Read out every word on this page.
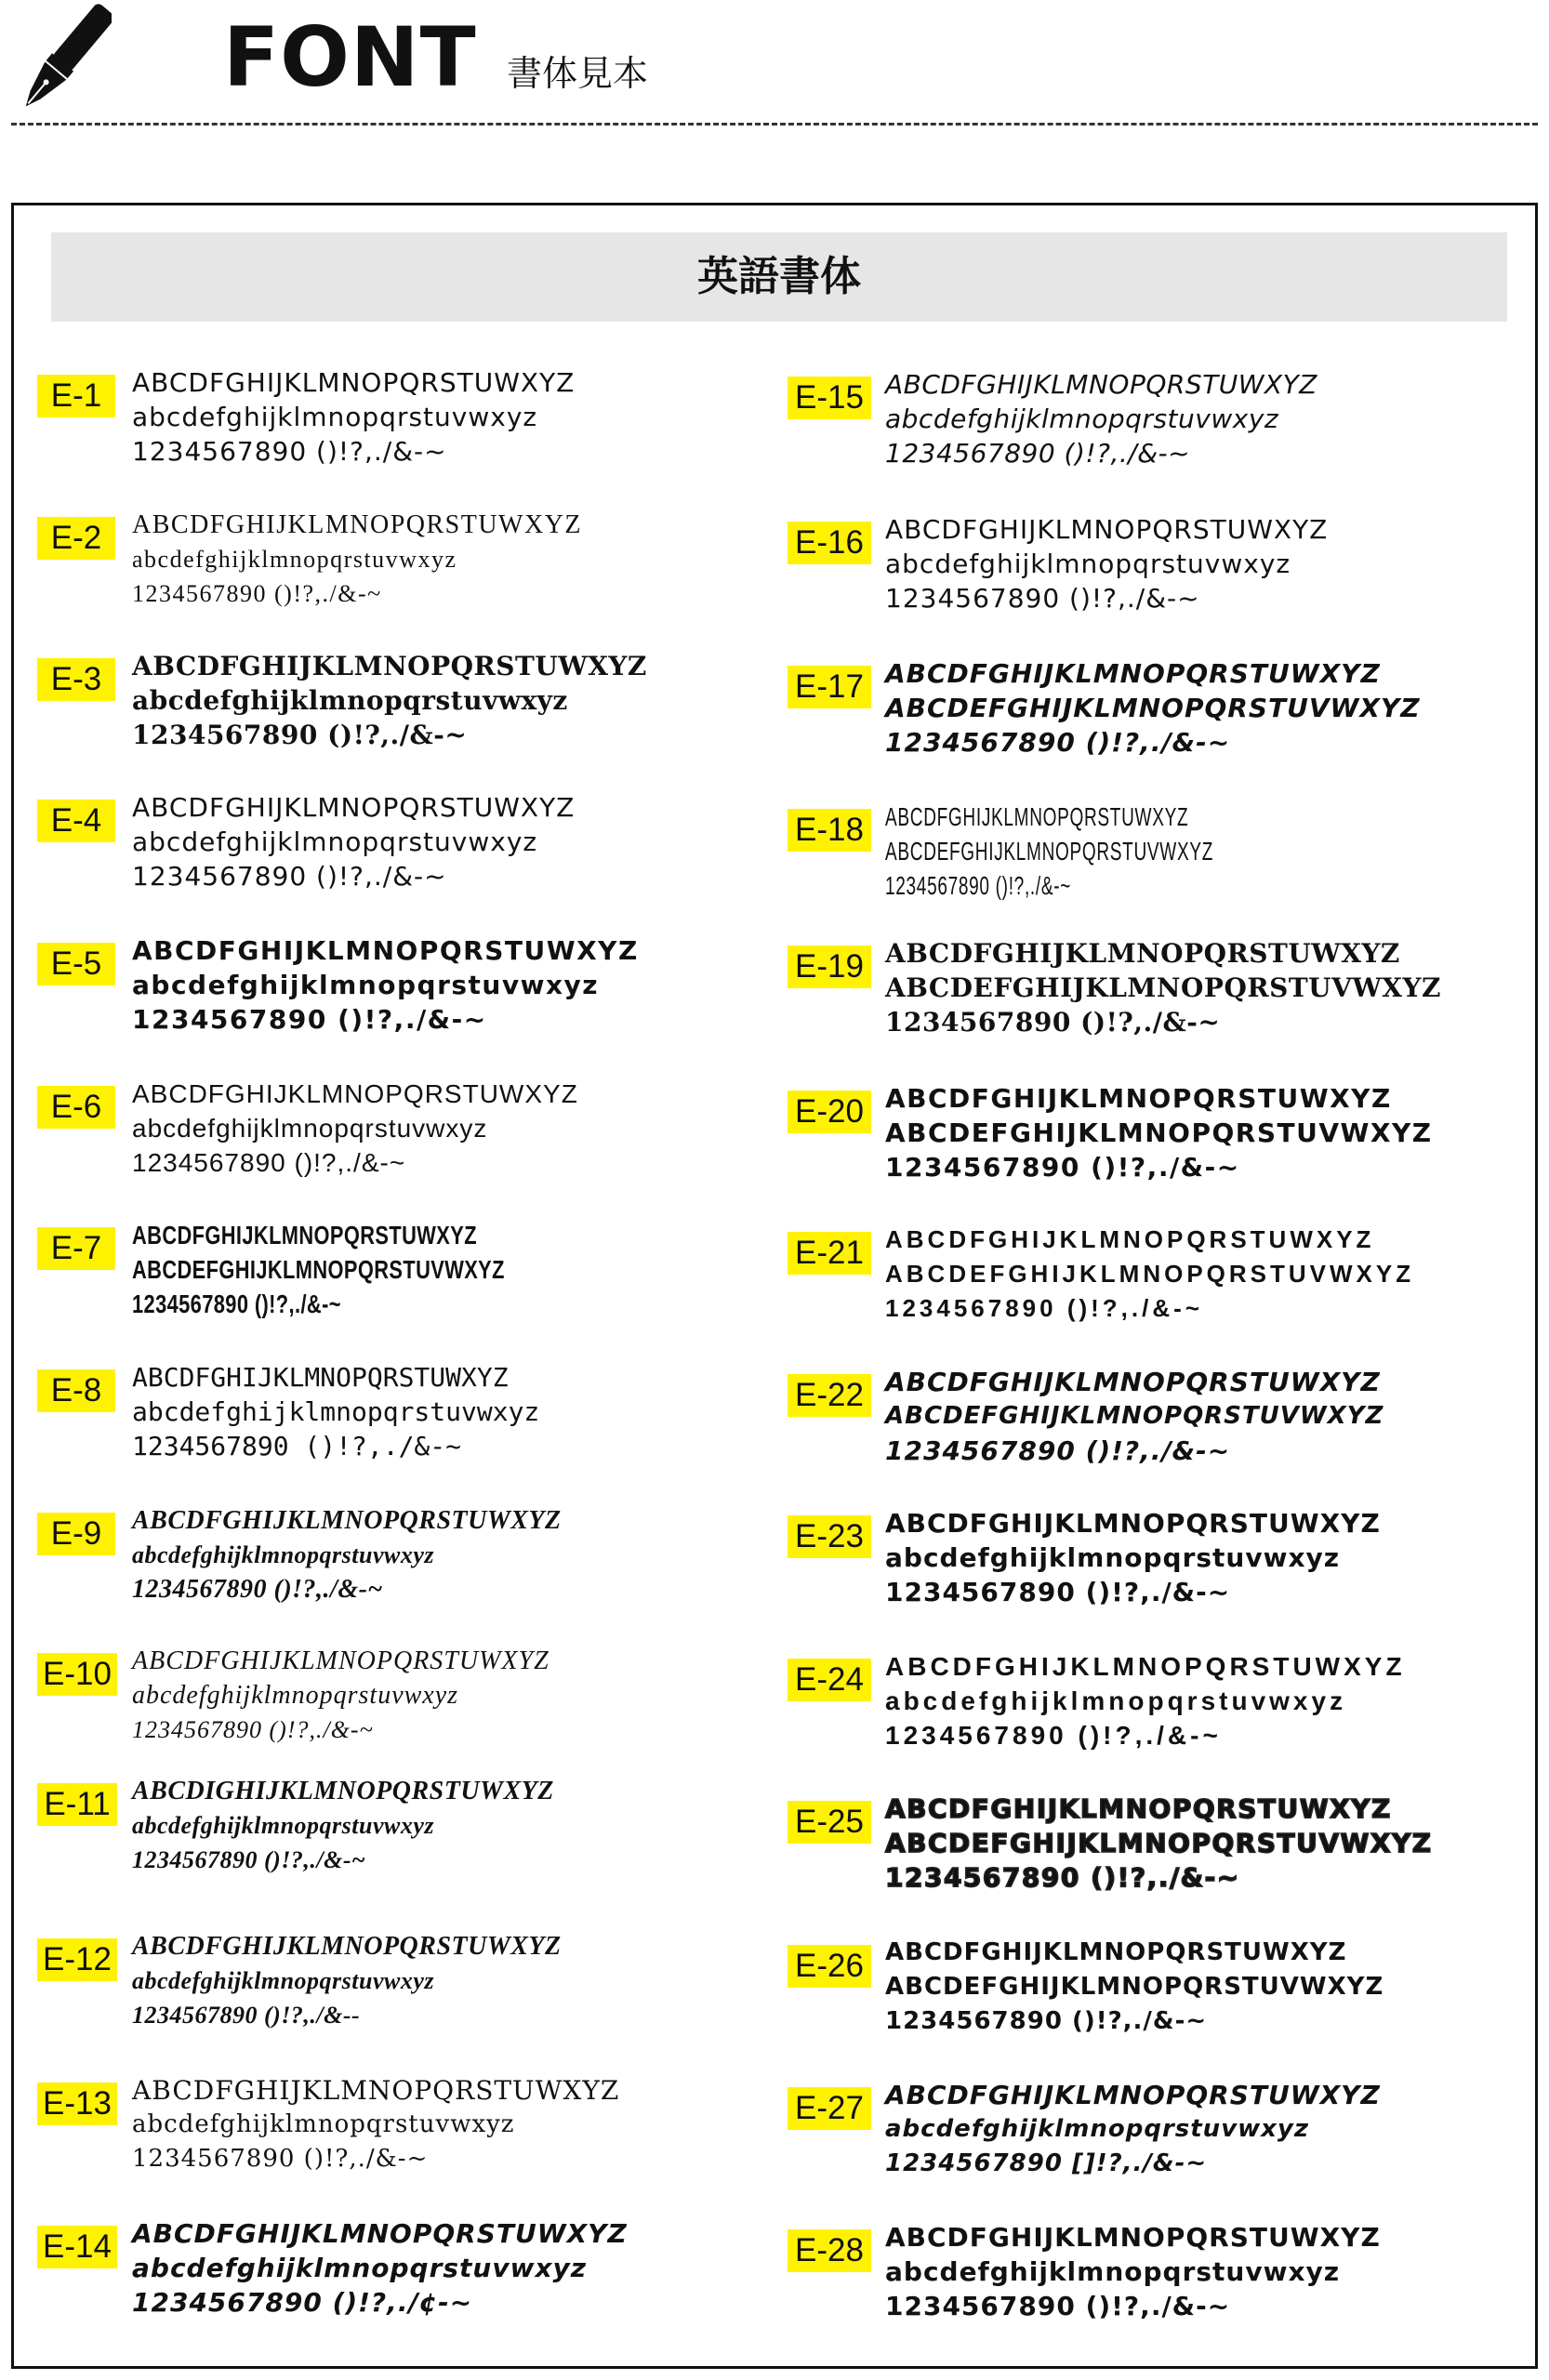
FONT 書体見本
英語書体
E-1	ABCDFGHIJKLMNOPQRSTUWXYZ
abcdefghijklmnopqrstuvwxyz
1234567890 ()!?,./&-~
E-2	ABCDFGHIJKLMNOPQRSTUWXYZ
abcdefghijklmnopqrstuvwxyz
1234567890 ()!?,./&-~
E-3	ABCDFGHIJKLMNOPQRSTUWXYZ
abcdefghijklmnopqrstuvwxyz
1234567890 ()!?,./&-~
E-4	ABCDFGHIJKLMNOPQRSTUWXYZ
abcdefghijklmnopqrstuvwxyz
1234567890 ()!?,./&-~
E-5	ABCDFGHIJKLMNOPQRSTUWXYZ
abcdefghijklmnopqrstuvwxyz
1234567890 ()!?,./&-~
E-6	ABCDFGHIJKLMNOPQRSTUWXYZ
abcdefghijklmnopqrstuvwxyz
1234567890 ()!?,./&-~
E-7	ABCDFGHIJKLMNOPQRSTUWXYZ
ABCDEFGHIJKLMNOPQRSTUVWXYZ
1234567890 ()!?,./&-~
E-8	ABCDFGHIJKLMNOPQRSTUWXYZ
abcdefghijklmnopqrstuvwxyz
1234567890 ()!?,./&-~
E-9	ABCDFGHIJKLMNOPQRSTUWXYZ
abcdefghijklmnopqrstuvwxyz
1234567890 ()!?,./&-~
E-10 ABCDFGHIJKLMNOPQRSTUWXYZ
abcdefghijklmnopqrstuvwxyz
1234567890 ()!?,./&-~
E-11 ABCDIGHIJKLMNOPQRSTUWXYZ
abcdefghijklmnopqrstuvwxyz
1234567890 ()!?,./&-~
E-12 ABCDFGHIJKLMNOPQRSTUWXYZ
abcdefghijklmnopqrstuvwxyz
1234567890 ()!?,./&--
E-13 ABCDFGHIJKLMNOPQRSTUWXYZ
abcdefghijklmnopqrstuvwxyz
1234567890 ()!?,./&-~
E-14 ABCDFGHIJKLMNOPQRSTUWXYZ
abcdefghijklmnopqrstuvwxyz
1234567890 ()!?,./¢-~
E-15 ABCDFGHIJKLMNOPQRSTUWXYZ
abcdefghijklmnopqrstuvwxyz
1234567890 ()!?,./&-~
E-16 ABCDFGHIJKLMNOPQRSTUWXYZ
abcdefghijklmnopqrstuvwxyz
1234567890 ()!?,./&-~
E-17 ABCDFGHIJKLMNOPQRSTUWXYZ
ABCDEFGHIJKLMNOPQRSTUVWXYZ
1234567890 ()!?,./&-~
E-18 ABCDFGHIJKLMNOPQRSTUWXYZ
ABCDEFGHIJKLMNOPQRSTUVWXYZ
1234567890 ()!?,./&-~
E-19 ABCDFGHIJKLMNOPQRSTUWXYZ
ABCDEFGHIJKLMNOPQRSTUVWXYZ
1234567890 ()!?,./&-~
E-20 ABCDFGHIJKLMNOPQRSTUWXYZ
ABCDEFGHIJKLMNOPQRSTUVWXYZ
1234567890 ()!?,./&-~
E-21 ABCDFGHIJKLMNOPQRSTUWXYZ
ABCDEFGHIJKLMNOPQRSTUVWXYZ
1234567890 ()!?,./&-~
E-22 ABCDFGHIJKLMNOPQRSTUWXYZ
ABCDEFGHIJKLMNOPQRSTUVWXYZ
1234567890 ()!?,./&-~
E-23 ABCDFGHIJKLMNOPQRSTUWXYZ
abcdefghijklmnopqrstuvwxyz
1234567890 ()!?,./&-~
E-24 ABCDFGHIJKLMNOPQRSTUWXYZ
abcdefghijklmnopqrstuvwxyz
1234567890 ()!?,./&-~
E-25 ABCDFGHIJKLMNOPQRSTUWXYZ
ABCDEFGHIJKLMNOPQRSTUVWXYZ
1234567890 ()!?,./&-~
E-26 ABCDFGHIJKLMNOPQRSTUWXYZ
ABCDEFGHIJKLMNOPQRSTUVWXYZ
1234567890 ()!?,./&-~
E-27 ABCDFGHIJKLMNOPQRSTUWXYZ
abcdefghijklmnopqrstuvwxyz
1234567890 []!?,./&-~
E-28 ABCDFGHIJKLMNOPQRSTUWXYZ
abcdefghijklmnopqrstuvwxyz
1234567890 ()!?,./&-~
